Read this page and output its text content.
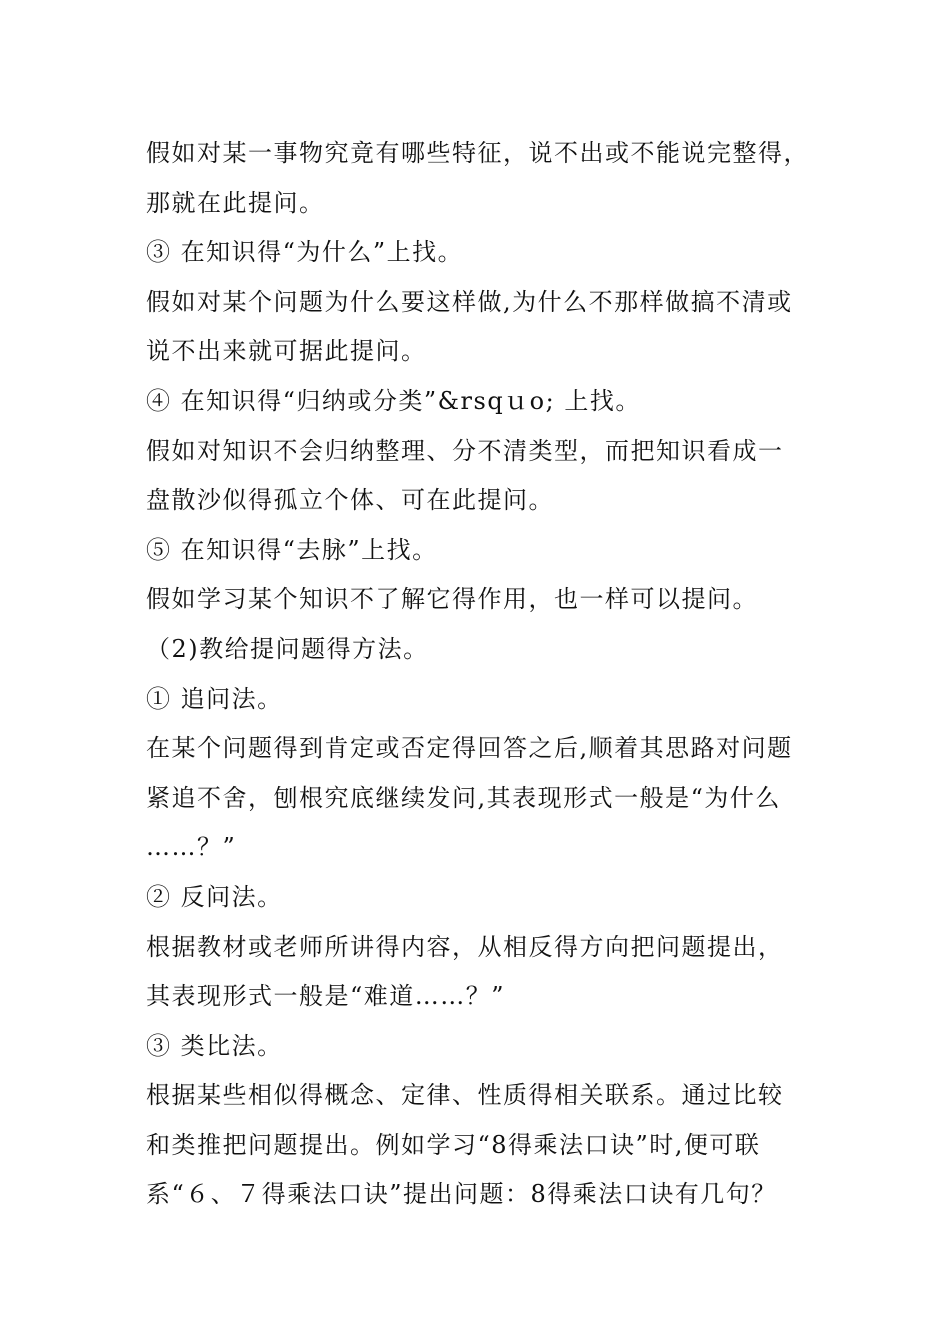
假如对某一事物究竟有哪些特征，说不出或不能说完整得，
那就在此提问。
③ 在知识得“为什么”上找。
假如对某个问题为什么要这样做,为什么不那样做搞不清或
说不出来就可据此提问。
④ 在知识得“归纳或分类”&rsqｕo; 上找。
假如对知识不会归纳整理、分不清类型，而把知识看成一
盘散沙似得孤立个体、可在此提问。
⑤ 在知识得“去脉”上找。
假如学习某个知识不了解它得作用，也一样可以提问。
（2)教给提问题得方法。
① 追问法。
在某个问题得到肯定或否定得回答之后,顺着其思路对问题
紧追不舍，刨根究底继续发问,其表现形式一般是“为什么
……？”
② 反问法。
根据教材或老师所讲得内容，从相反得方向把问题提出，
其表现形式一般是“难道……？”
③ 类比法。
根据某些相似得概念、定律、性质得相关联系。通过比较
和类推把问题提出。例如学习“8得乘法口诀”时,便可联
系“６、７得乘法口诀”提出问题：8得乘法口诀有几句？
